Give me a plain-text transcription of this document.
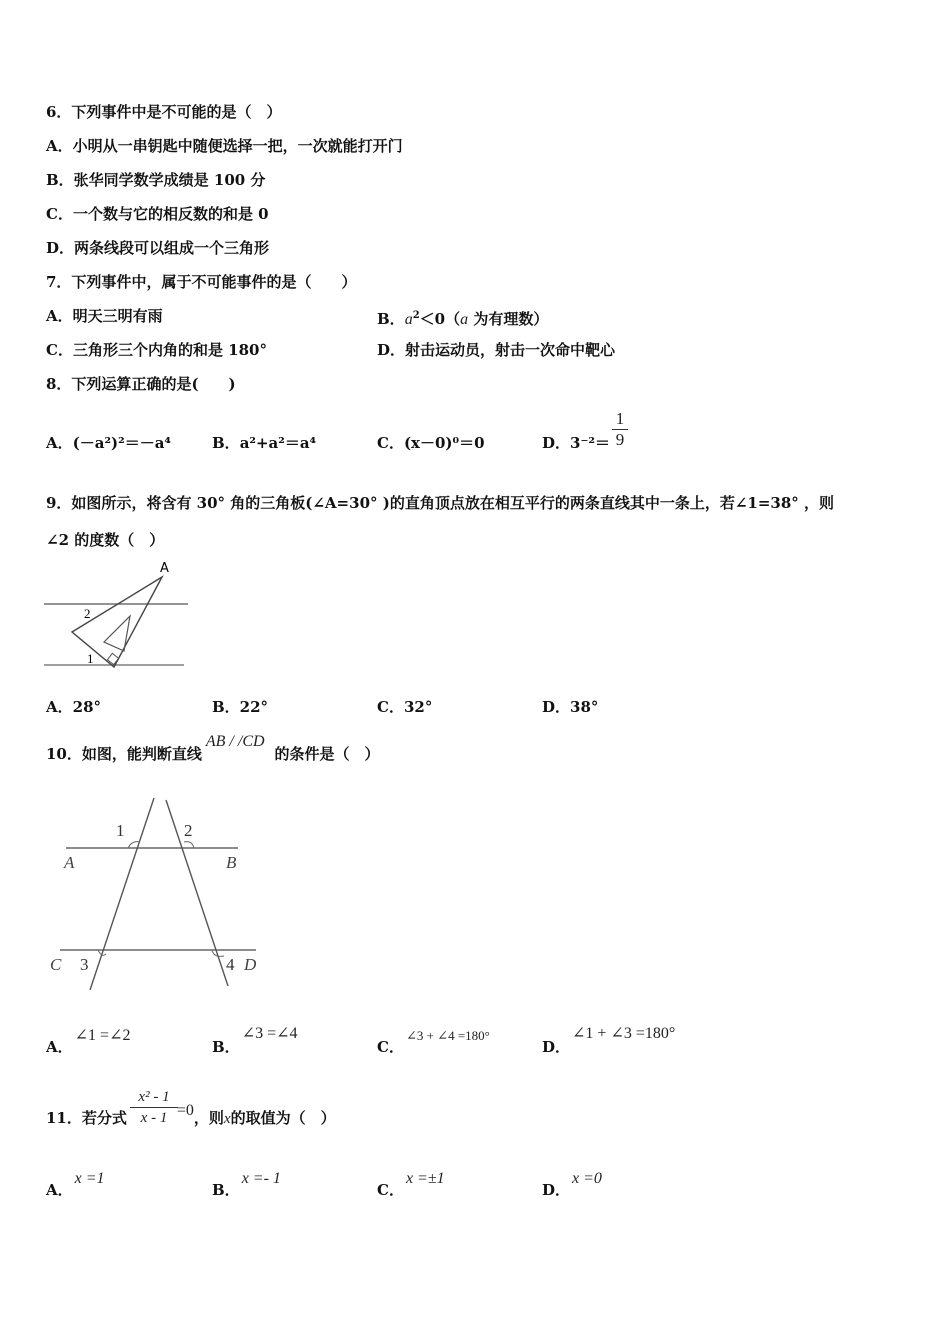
6．下列事件中是不可能的是（　）
A．小明从一串钥匙中随便选择一把，一次就能打开门
B．张华同学数学成绩是 100 分
C．一个数与它的相反数的和是 0
D．两条线段可以组成一个三角形
7．下列事件中，属于不可能事件的是（　　）
A．明天三明有雨	B．$a^2<0(a$ 为有理数）
C．三角形三个内角的和是 180°	D．射击运动员，射击一次命中靶心
8．下列运算正确的是(　　)
A．(－a²)²＝－a⁴	B．a²+a²＝a⁴	C．(x－0)⁰＝0	D．3⁻²＝
1
9
9．如图所示，将含有 30° 角的三角板(∠A=30° )的直角顶点放在相互平行的两条直线其中一条上，若∠1=38° ，则
∠2 的度数（　）
A
2
1
A．28°	B．22°	C．32°	D．38°
10．如图，能判断直线AB / /CD的条件是（　）
1	2
3	4
A	B
C	D
A．∠1 =∠2
B．∠3 =∠4
C．∠3 + ∠4 =180°
D．∠1 + ∠3 =180°
11．若分式	=0，则x的取值为（　）
x² - 1
x - 1
A．x =1
B．x =- 1
C．x =±1
D．x =0
